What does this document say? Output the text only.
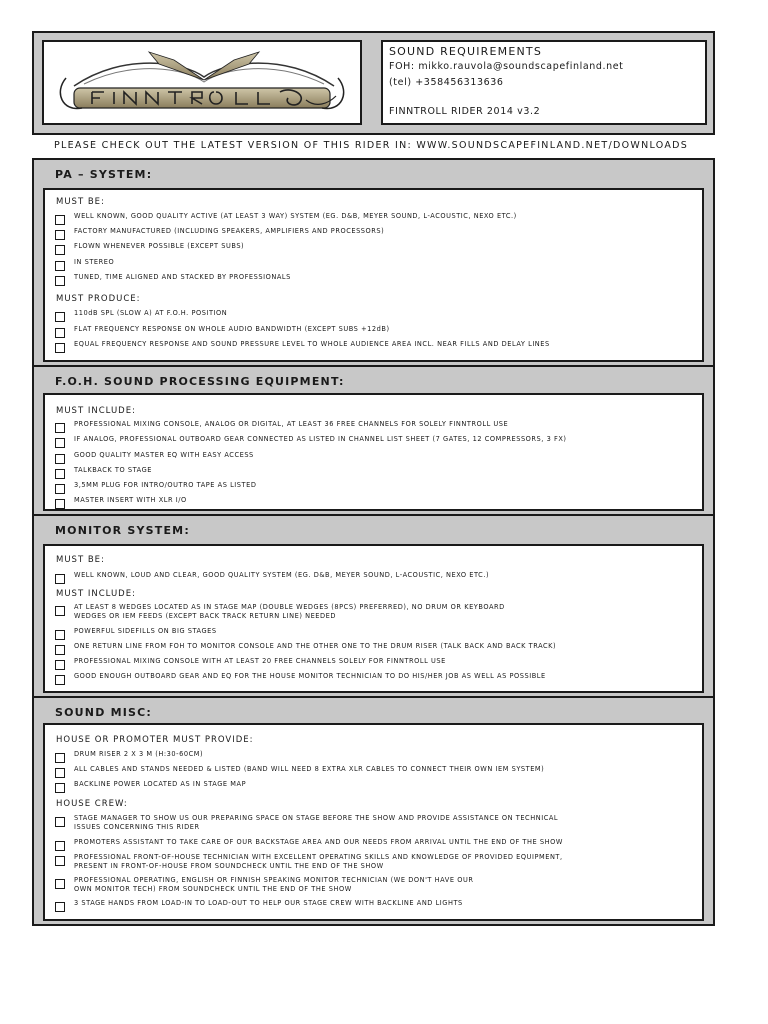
SOUND REQUIREMENTS
FOH: mikko.rauvola@soundscapefinland.net
(tel) +358456313636
FINNTROLL RIDER 2014 v3.2
PLEASE CHECK OUT THE LATEST VERSION OF THIS RIDER IN: WWW.SOUNDSCAPEFINLAND.NET/DOWNLOADS
PA – SYSTEM:
MUST BE:
WELL KNOWN, GOOD QUALITY ACTIVE (AT LEAST 3 WAY) SYSTEM (EG. D&B, MEYER SOUND, L-ACOUSTIC, NEXO ETC.)
FACTORY MANUFACTURED (INCLUDING SPEAKERS, AMPLIFIERS AND PROCESSORS)
FLOWN WHENEVER POSSIBLE (EXCEPT SUBS)
IN STEREO
TUNED, TIME ALIGNED AND STACKED BY PROFESSIONALS
MUST PRODUCE:
110dB SPL (SLOW A) AT F.O.H. POSITION
FLAT FREQUENCY RESPONSE ON WHOLE AUDIO BANDWIDTH (EXCEPT SUBS +12dB)
EQUAL FREQUENCY RESPONSE AND SOUND PRESSURE LEVEL TO WHOLE AUDIENCE AREA INCL. NEAR FILLS AND DELAY LINES
F.O.H. SOUND PROCESSING EQUIPMENT:
MUST INCLUDE:
PROFESSIONAL MIXING CONSOLE, ANALOG OR DIGITAL, AT LEAST 36 FREE CHANNELS FOR SOLELY FINNTROLL USE
IF ANALOG, PROFESSIONAL OUTBOARD GEAR CONNECTED AS LISTED IN CHANNEL LIST SHEET (7 GATES, 12 COMPRESSORS, 3 FX)
GOOD QUALITY MASTER EQ WITH EASY ACCESS
TALKBACK TO STAGE
3,5MM PLUG FOR INTRO/OUTRO TAPE AS LISTED
MASTER INSERT WITH XLR I/O
MONITOR SYSTEM:
MUST BE:
WELL KNOWN, LOUD AND CLEAR, GOOD QUALITY SYSTEM (EG. D&B, MEYER SOUND, L-ACOUSTIC, NEXO ETC.)
MUST INCLUDE:
AT LEAST 8 WEDGES LOCATED AS IN STAGE MAP (DOUBLE WEDGES (8PCS) PREFERRED), NO DRUM OR KEYBOARD
WEDGES OR IEM FEEDS (EXCEPT BACK TRACK RETURN LINE) NEEDED
POWERFUL SIDEFILLS ON BIG STAGES
ONE RETURN LINE FROM FOH TO MONITOR CONSOLE AND THE OTHER ONE TO THE DRUM RISER (TALK BACK AND BACK TRACK)
PROFESSIONAL MIXING CONSOLE WITH AT LEAST 20 FREE CHANNELS SOLELY FOR FINNTROLL USE
GOOD ENOUGH OUTBOARD GEAR AND EQ FOR THE HOUSE MONITOR TECHNICIAN TO DO HIS/HER JOB AS WELL AS POSSIBLE
SOUND MISC:
HOUSE OR PROMOTER MUST PROVIDE:
DRUM RISER 2 X 3 M (H:30-60CM)
ALL CABLES AND STANDS NEEDED & LISTED (BAND WILL NEED 8 EXTRA XLR CABLES TO CONNECT THEIR OWN IEM SYSTEM)
BACKLINE POWER LOCATED AS IN STAGE MAP
HOUSE CREW:
STAGE MANAGER TO SHOW US OUR PREPARING SPACE ON STAGE BEFORE THE SHOW AND PROVIDE ASSISTANCE ON TECHNICAL
ISSUES CONCERNING THIS RIDER
PROMOTERS ASSISTANT TO TAKE CARE OF OUR BACKSTAGE AREA AND OUR NEEDS FROM ARRIVAL UNTIL THE END OF THE SHOW
PROFESSIONAL FRONT-OF-HOUSE TECHNICIAN WITH EXCELLENT OPERATING SKILLS AND KNOWLEDGE OF PROVIDED EQUIPMENT,
PRESENT IN FRONT-OF-HOUSE FROM SOUNDCHECK UNTIL THE END OF THE SHOW
PROFESSIONAL OPERATING, ENGLISH OR FINNISH SPEAKING MONITOR TECHNICIAN (WE DON'T HAVE OUR
OWN MONITOR TECH) FROM SOUNDCHECK UNTIL THE END OF THE SHOW
3 STAGE HANDS FROM LOAD-IN TO LOAD-OUT TO HELP OUR STAGE CREW WITH BACKLINE AND LIGHTS
